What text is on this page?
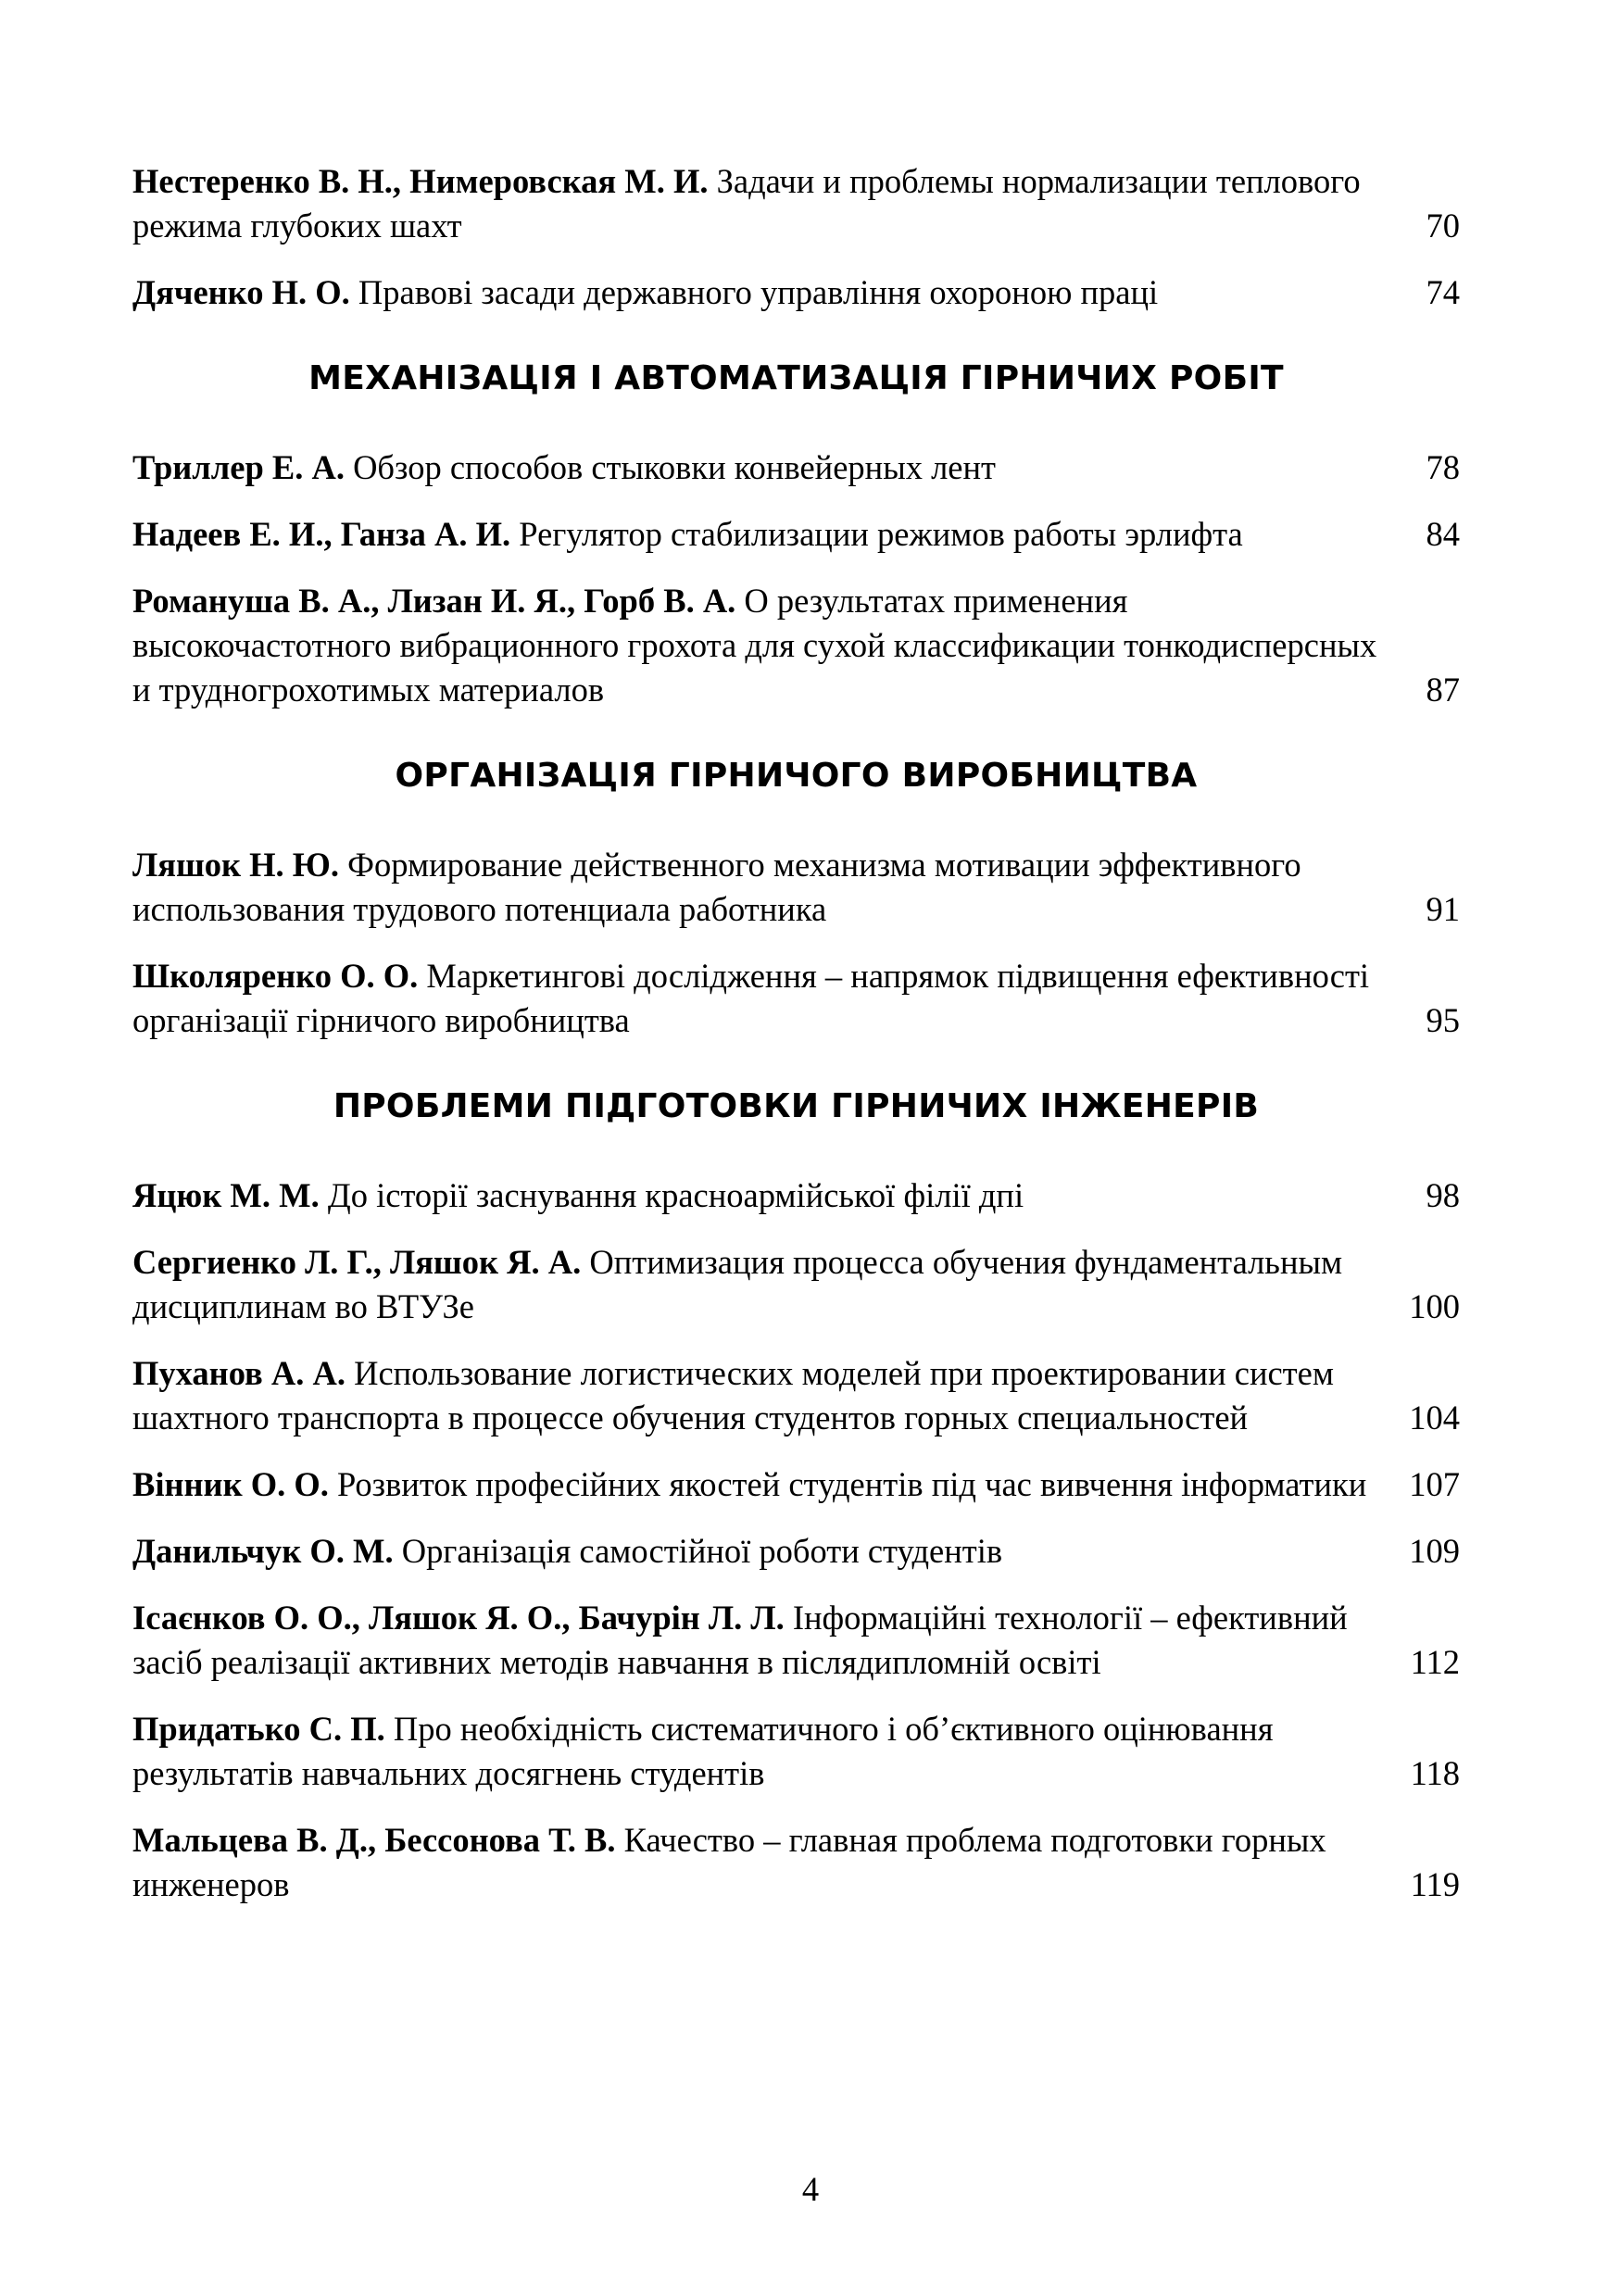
Нестеренко В. Н., Нимеровская М. И. Задачи и проблемы нормализации теплового режима глубоких шахт	70
Дяченко Н. О. Правові засади державного управління охороною праці	74
МЕХАНІЗАЦІЯ І АВТОМАТИЗАЦІЯ ГІРНИЧИХ РОБІТ
Триллер Е. А. Обзор способов стыковки конвейерных лент	78
Надеев Е. И., Ганза А. И. Регулятор стабилизации режимов работы эрлифта	84
Романуша В. А., Лизан И. Я., Горб В. А. О результатах применения высокочастотного вибрационного грохота для сухой классификации тонкодисперсных и трудногрохотимых материалов	87
ОРГАНІЗАЦІЯ ГІРНИЧОГО ВИРОБНИЦТВА
Ляшок Н. Ю. Формирование действенного механизма мотивации эффективного использования трудового потенциала работника	91
Школяренко О. О. Маркетингові дослідження – напрямок підвищення ефективності організації гірничого виробництва	95
ПРОБЛЕМИ ПІДГОТОВКИ ГІРНИЧИХ ІНЖЕНЕРІВ
Яцюк М. М. До історії заснування красноармійської філії дпі	98
Сергиенко Л. Г., Ляшок Я. А. Оптимизация процесса обучения фундаментальным дисциплинам во ВТУЗе	100
Пуханов А. А. Использование логистических моделей при проектировании систем шахтного транспорта в процессе обучения студентов горных специальностей	104
Вінник О. О. Розвиток професійних якостей студентів під час вивчення інформатики	107
Данильчук О. М. Організація самостійної роботи студентів	109
Ісаєнков О. О., Ляшок Я. О., Бачурін Л. Л. Інформаційні технології – ефективний засіб реалізації активних методів навчання в післядипломній освіті	112
Придатько С. П. Про необхідність систематичного і об’єктивного оцінювання результатів навчальних досягнень студентів	118
Мальцева В. Д., Бессонова Т. В. Качество – главная проблема подготовки горных инженеров	119
4
